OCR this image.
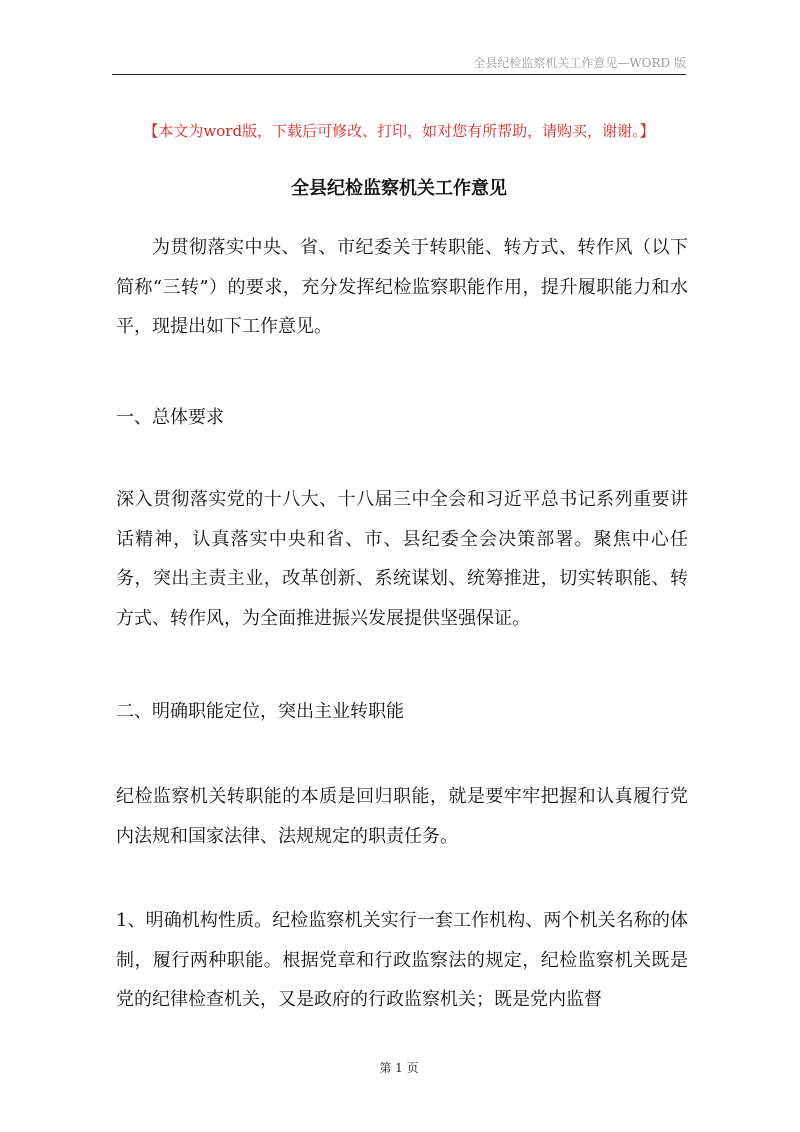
全县纪检监察机关工作意见—WORD 版
【本文为word版，下载后可修改、打印，如对您有所帮助，请购买，谢谢。】
全县纪检监察机关工作意见

为贯彻落实中央、省、市纪委关于转职能、转方式、转作风（以下简称“三转”）的要求，充分发挥纪检监察职能作用，提升履职能力和水平，现提出如下工作意见。

一、总体要求

深入贯彻落实党的十八大、十八届三中全会和习近平总书记系列重要讲话精神，认真落实中央和省、市、县纪委全会决策部署。聚焦中心任务，突出主责主业，改革创新、系统谋划、统筹推进，切实转职能、转方式、转作风，为全面推进振兴发展提供坚强保证。

二、明确职能定位，突出主业转职能

纪检监察机关转职能的本质是回归职能，就是要牢牢把握和认真履行党内法规和国家法律、法规规定的职责任务。

1、明确机构性质。纪检监察机关实行一套工作机构、两个机关名称的体制，履行两种职能。根据党章和行政监察法的规定，纪检监察机关既是党的纪律检查机关，又是政府的行政监察机关；既是党内监督

第 1 页
